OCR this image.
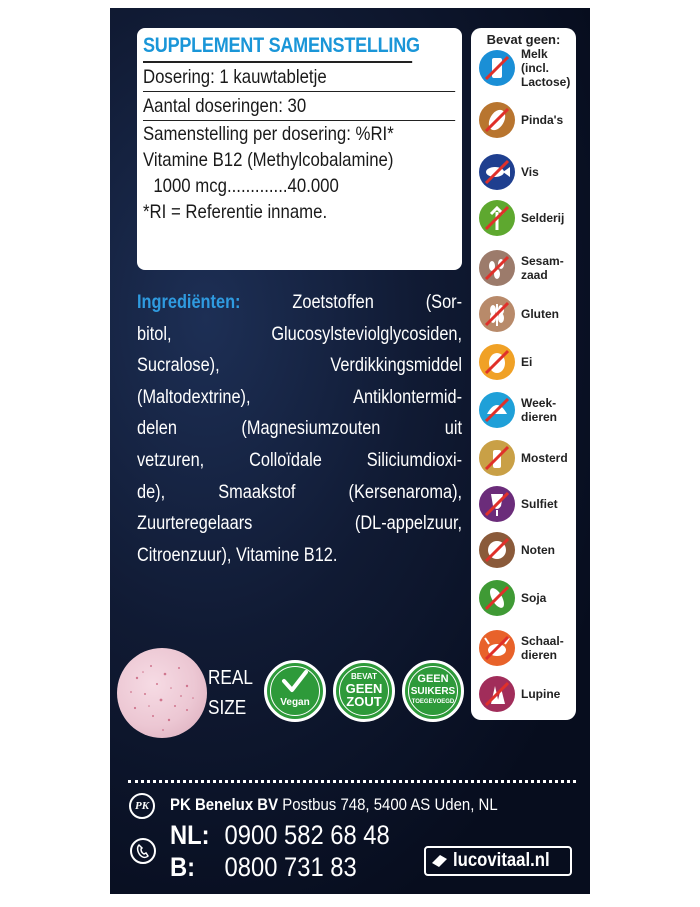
SUPPLEMENT SAMENSTELLING
Dosering: 1 kauwtabletje
Aantal doseringen: 30
Samenstelling per dosering: %RI*
Vitamine B12 (Methylcobalamine)
1000 mcg.............40.000
*RI = Referentie inname.
Ingrediënten: Zoetstoffen (Sor-
bitol, Glucosylsteviolglycosiden,
Sucralose), Verdikkingsmiddel
(Maltodextrine), Antiklontermid-
delen (Magnesiumzouten uit
vetzuren, Colloïdale Siliciumdioxi-
de), Smaakstof (Kersenaroma),
Zuurteregelaars (DL-appelzuur,
Citroenzuur), Vitamine B12.
Bevat geen:
Melk
(incl.
Lactose)
Pinda's
Vis
Selderij
Sesam-
zaad
Gluten
Ei
Week-
dieren
Mosterd
Sulfiet
Noten
Soja
Schaal-
dieren
Lupine
REAL
SIZE	Vegan
BEVAT
GEEN
ZOUT
GEEN
SUIKERS
TOEGEVOEGD
PK	PK Benelux BV Postbus 748, 5400 AS Uden, NL
NL: 0900 582 68 48
B: 0800 731 83	lucovitaal.nl
